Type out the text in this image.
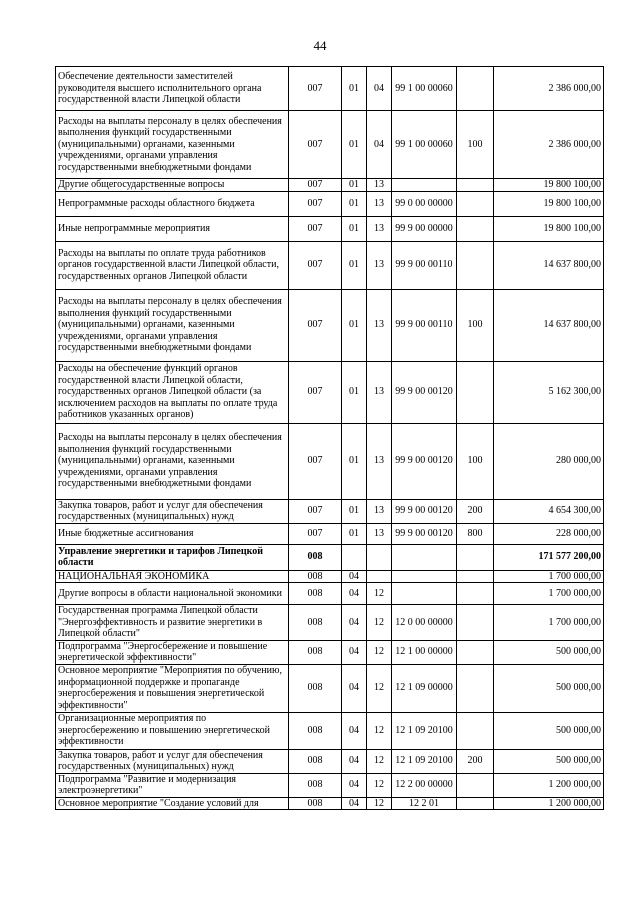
44
Обеспечение деятельности заместителей руководителя высшего исполнительного органа государственной власти Липецкой области	007	01	04	99 1 00 00060		2 386 000,00
Расходы на выплаты персоналу в целях обеспечения выполнения функций государственными (муниципальными) органами, казенными учреждениями, органами управления государственными внебюджетными фондами	007	01	04	99 1 00 00060	100	2 386 000,00
Другие общегосударственные вопросы	007	01	13			19 800 100,00
Непрограммные расходы областного бюджета	007	01	13	99 0 00 00000		19 800 100,00
Иные непрограммные мероприятия	007	01	13	99 9 00 00000		19 800 100,00
Расходы на выплаты по оплате труда работников органов государственной власти Липецкой области, государственных органов Липецкой области	007	01	13	99 9 00 00110		14 637 800,00
Расходы на выплаты персоналу в целях обеспечения выполнения функций государственными (муниципальными) органами, казенными учреждениями, органами управления государственными внебюджетными фондами	007	01	13	99 9 00 00110	100	14 637 800,00
Расходы на обеспечение функций органов государственной власти Липецкой области, государственных органов Липецкой области (за исключением расходов на выплаты по оплате труда работников указанных органов)	007	01	13	99 9 00 00120		5 162 300,00
Расходы на выплаты персоналу в целях обеспечения выполнения функций государственными (муниципальными) органами, казенными учреждениями, органами управления государственными внебюджетными фондами	007	01	13	99 9 00 00120	100	280 000,00
Закупка товаров, работ и услуг для обеспечения государственных (муниципальных) нужд	007	01	13	99 9 00 00120	200	4 654 300,00
Иные бюджетные ассигнования	007	01	13	99 9 00 00120	800	228 000,00
Управление энергетики и тарифов Липецкой области	008					171 577 200,00
НАЦИОНАЛЬНАЯ ЭКОНОМИКА	008	04				1 700 000,00
Другие вопросы в области национальной экономики	008	04	12			1 700 000,00
Государственная программа Липецкой области "Энергоэффективность и развитие энергетики в Липецкой области"	008	04	12	12 0 00 00000		1 700 000,00
Подпрограмма "Энергосбережение и повышение энергетической эффективности"	008	04	12	12 1 00 00000		500 000,00
Основное мероприятие "Мероприятия по обучению, информационной поддержке и пропаганде энергосбережения и повышения энергетической эффективности"	008	04	12	12 1 09 00000		500 000,00
Организационные мероприятия по энергосбережению и повышению энергетической эффективности	008	04	12	12 1 09 20100		500 000,00
Закупка товаров, работ и услуг для обеспечения государственных (муниципальных) нужд	008	04	12	12 1 09 20100	200	500 000,00
Подпрограмма "Развитие и модернизация электроэнергетики"	008	04	12	12 2 00 00000		1 200 000,00
Основное мероприятие "Создание условий для	008	04	12	12 2 01		1 200 000,00
